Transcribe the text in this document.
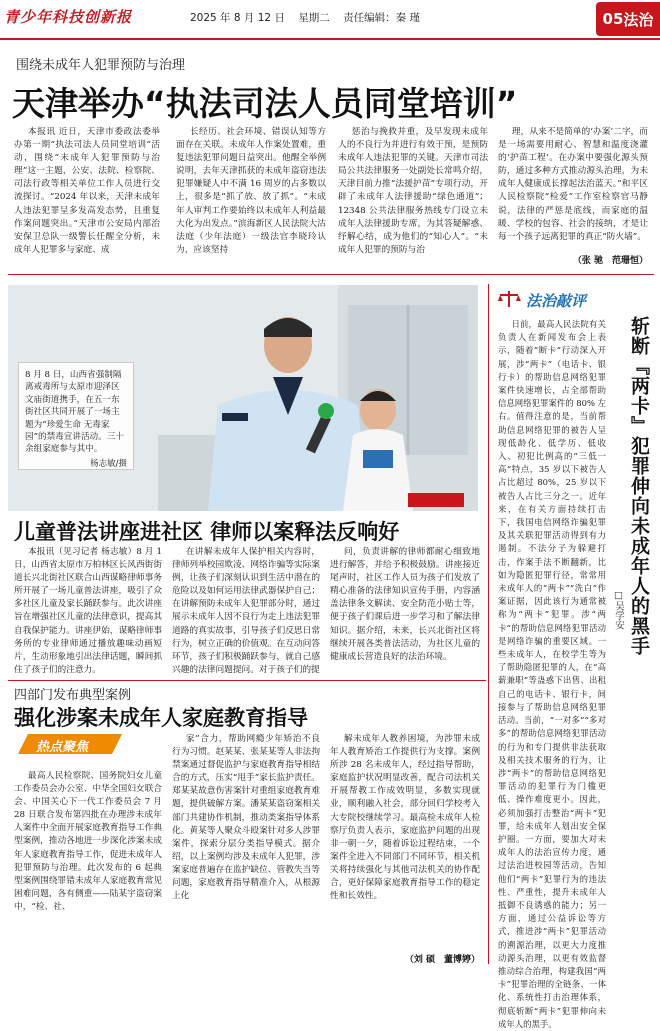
青少年科技创新报	2025 年 8 月 12 日 星期二 责任编辑：秦 瑾	05 法治
围绕未成年人犯罪预防与治理
天津举办“执法司法人员同堂培训”

本报讯 近日，天津市委政法委举办第一期“执法司法人员同堂培训”活动，围绕“未成年人犯罪预防与治理”这一主题，公安、法院、检察院、司法行政等相关单位工作人员进行交流探讨。“2024 年以来，天津未成年人违法犯罪呈多发高发态势，且重复作案问题突出。”天津市公安局内部治安保卫总队一级警长任醒全分析，未成年人犯罪多与家庭、成

长经历、社会环境、错误认知等方面存在关联。未成年人作案处置难，重复违法犯罪问题日益突出。他醒全举例说明，去年天津抓获的未成年盗窃违法犯罪嫌疑人中不满 16 周岁的占多数以上，很多是“抓了放、放了抓”。“未成年人审判工作要始终以未成年人利益最大化为出发点。”滨海新区人民法院大沽法庭（少年法庭）一级法官李晓玲认为，应该坚持

惩治与挽救并重，及早发现未成年人的不良行为并进行有效干预，是预防未成年人违法犯罪的关键。天津市司法局公共法律服务一处副处长常鸣介绍，天津目前力推“法援护苗”专项行动，开辟了未成年人法律援助“绿色通道”；12348 公共法律服务热线专门设立未成年人法律援助专席，为其答疑解惑、纾解心结，成为他们的“知心人”。“未成年人犯罪的预防与治

理，从来不是简单的‘办案’二字，而是一场需要用耐心、智慧和温度浇灌的‘护苗工程’。在办案中要强化源头预防，通过多种方式推动源头治理，为未成年人健康成长撑起法治蓝天。”和平区人民检察院“检爱”工作室检察官马静说，法律的严惩是底线，而家庭的温暖、学校的包容、社会的接纳，才是让每一个孩子远离犯罪的真正“防火墙”。

（张 驰　范珊恒）
8 月 8 日，山西省强制隔离戒毒所与太原市迎泽区文庙街道携手，在五一东街社区共同开展了一场主题为“珍爱生命 无毒家园”的禁毒宣讲活动。三十余组家庭参与其中。
杨志敏/摄
儿童普法讲座进社区 律师以案释法反响好

本报讯（见习记者 杨志敏）8 月 1 日，山西省太原市万柏林区长风西街街道长兴北街社区联合山西谋略律师事务所开展了一场儿童普法讲座，吸引了众多社区儿童及家长踊跃参与。此次讲座旨在增强社区儿童的法律意识，提高其自我保护能力。讲座伊始，谋略律师事务所的专业律师通过播放趣味动画短片，生动形象地引出法律话题，瞬间抓住了孩子们的注意力。

在讲解未成年人保护相关内容时，律师列举校园欺凌、网络诈骗等实际案例，让孩子们深刻认识到生活中潜在的危险以及如何运用法律武器保护自己；在讲解预防未成年人犯罪部分时，通过展示未成年人因不良行为走上违法犯罪道路的真实故事，引导孩子们反思日常行为，树立正确的价值观。在互动问答环节，孩子们积极踊跃参与，就自己感兴趣的法律问题提问。对于孩子们的提

问，负责讲解的律师都耐心细致地进行解答，并给予积极鼓励。讲座接近尾声时，社区工作人员为孩子们发放了精心准备的法律知识宣传手册，内容涵盖法律条文解读、安全防范小贴士等，便于孩子们课后进一步学习和了解法律知识。据介绍，未来，长兴北街社区将继续开展各类普法活动，为社区儿童的健康成长营造良好的法治环境。

四部门发布典型案例
强化涉案未成年人家庭教育指导
热点聚焦

最高人民检察院、国务院妇女儿童工作委员会办公室、中华全国妇女联合会、中国关心下一代工作委员会 7 月 28 日联合发布第四批在办理涉未成年人案件中全面开展家庭教育指导工作典型案例，推动各地进一步深化涉案未成年人家庭教育指导工作，促进未成年人犯罪预防与治理。此次发布的 6 起典型案例围绕罪错未成年人家庭教育常见困难问题，各有侧重——陆某宇盗窃案中，“检、社、

家”合力，帮助网瘾少年矫治不良行为习惯。赵某某、张某某等人非法拘禁案通过督促监护与家庭教育指导相结合的方式，压实“甩手”家长监护责任。郑某某故意伤害案针对重组家庭教育难题，提供破解方案。潘某某盗窃案相关部门共建协作机制，推动类案指导体系化。黄某等人聚众斗殴案针对多人涉罪案件，探索分层分类指导模式。据介绍，以上案例均涉及未成年人犯罪，涉案家庭普遍存在监护缺位、管教失当等问题，家庭教育指导精准介入，从根源上化

解未成年人教养困境，为涉罪未成年人教育矫治工作提供行为支撑。案例所涉 28 名未成年人，经过指导帮助，家庭监护状况明显改善，配合司法机关开展帮教工作成效明显，多数实现就业，顺利融入社会，部分回归学校考入大专院校继续学习。最高检未成年人检察厅负责人表示，家庭监护问题的出现非一朝一夕，随着诉讼过程结束，一个案件全进入不同部门不同环节，相关机关将持续强化与其他司法机关的协作配合，更好保障家庭教育指导工作的稳定性和长效性。

（刘 硕　董博婷）
法治敲评
斩断『两卡』犯罪伸向未成年人的黑手
□吴学安

日前，最高人民法院有关负责人在新闻发布会上表示，随着“断卡”行动深入开展，涉“两卡”（电话卡、银行卡）的帮助信息网络犯罪案件快速增长，占全部帮助信息网络犯罪案件的 80% 左右。值得注意的是，当前帮助信息网络犯罪的被告人呈现低龄化、低学历、低收入、初犯比例高的“三低一高”特点，35 岁以下被告人占比超过 80%，25 岁以下被告人占比三分之一。近年来，在有关方面持续打击下，我国电信网络诈骗犯罪及其关联犯罪活动得到有力遏制。不法分子为躲避打击，作案手法不断翻新，比如为隐匿犯罪行径，常常用未成年人的“两卡”“洗白”作案证据，因此该行为通常被称为“两卡”犯罪。涉“两卡”的帮助信息网络犯罪活动是网络诈骗的重要区域。一些未成年人，在校学生等为了帮助隐匿犯罪的人，在“高薪兼职”等蛊惑下出售、出租自己的电话卡、银行卡，间接参与了帮助信息网络犯罪活动。当前，“一对多”“多对多”的帮助信息网络犯罪活动的行为和专门提供非法获取及相关技术服务的行为，让涉“两卡”的帮助信息网络犯罪活动的犯罪行为门槛更低、操作难度更小。因此，必须加强打击整治“两卡”犯罪，给未成年人划出安全保护圈。一方面，要加大对未成年人的法治宣传力度，通过法治进校园等活动，告知他们“两卡”犯罪行为的违法性、严重性，提升未成年人抵御不良诱惑的能力；另一方面，通过公益诉讼等方式，推进涉“两卡”犯罪活动的溯源治理，以更大力度推动源头治理，以更有效监督推动综合治理，构建我国“两卡”犯罪治理的全链条、一体化、系统性打击治理体系，彻底斩断“两卡”犯罪伸向未成年人的黑手。
